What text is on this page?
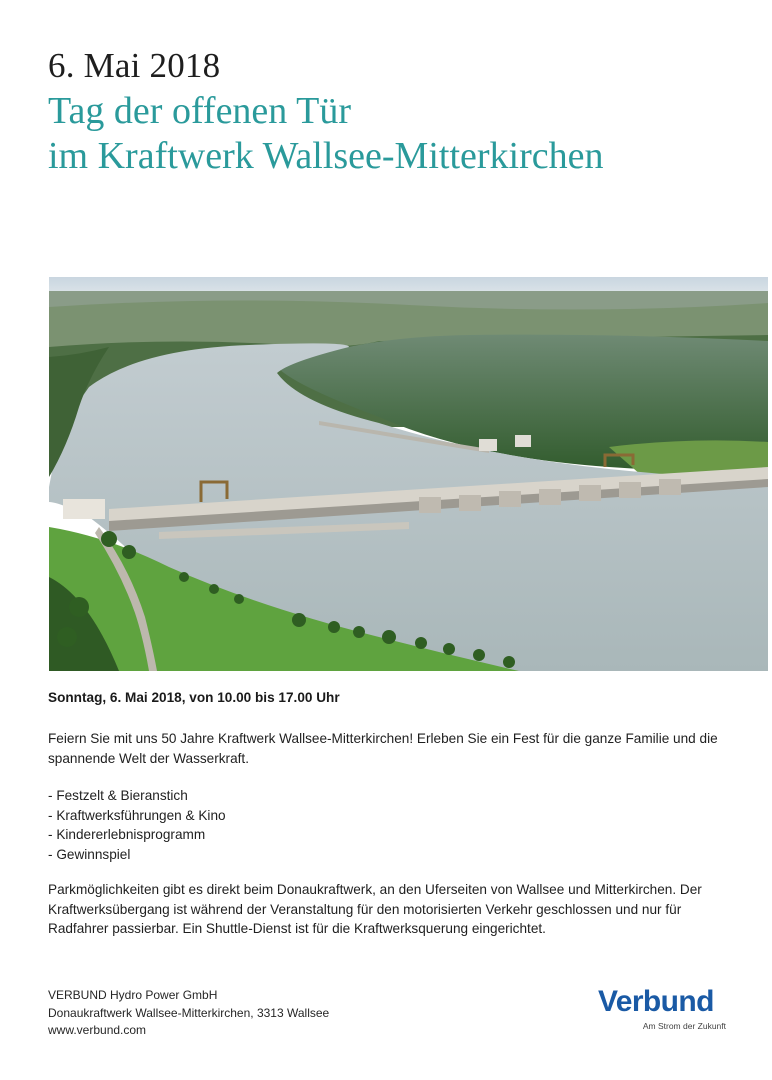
6. Mai 2018
Tag der offenen Tür
im Kraftwerk Wallsee-Mitterkirchen
Sonntag, 6. Mai 2018, von 10.00 bis 17.00 Uhr

Feiern Sie mit uns 50 Jahre Kraftwerk Wallsee-Mitterkirchen! Erleben Sie ein Fest für die ganze Familie und die spannende Welt der Wasserkraft.

- Festzelt & Bieranstich
- Kraftwerksführungen & Kino
- Kindererlebnisprogramm
- Gewinnspiel

Parkmöglichkeiten gibt es direkt beim Donaukraftwerk, an den Uferseiten von Wallsee und Mitterkirchen. Der Kraftwerksübergang ist während der Veranstaltung für den motorisierten Verkehr geschlossen und nur für Radfahrer passierbar. Ein Shuttle-Dienst ist für die Kraftwerksquerung eingerichtet.

VERBUND Hydro Power GmbH
Donaukraftwerk Wallsee-Mitterkirchen, 3313 Wallsee
www.verbund.com
Verbund
Am Strom der Zukunft
